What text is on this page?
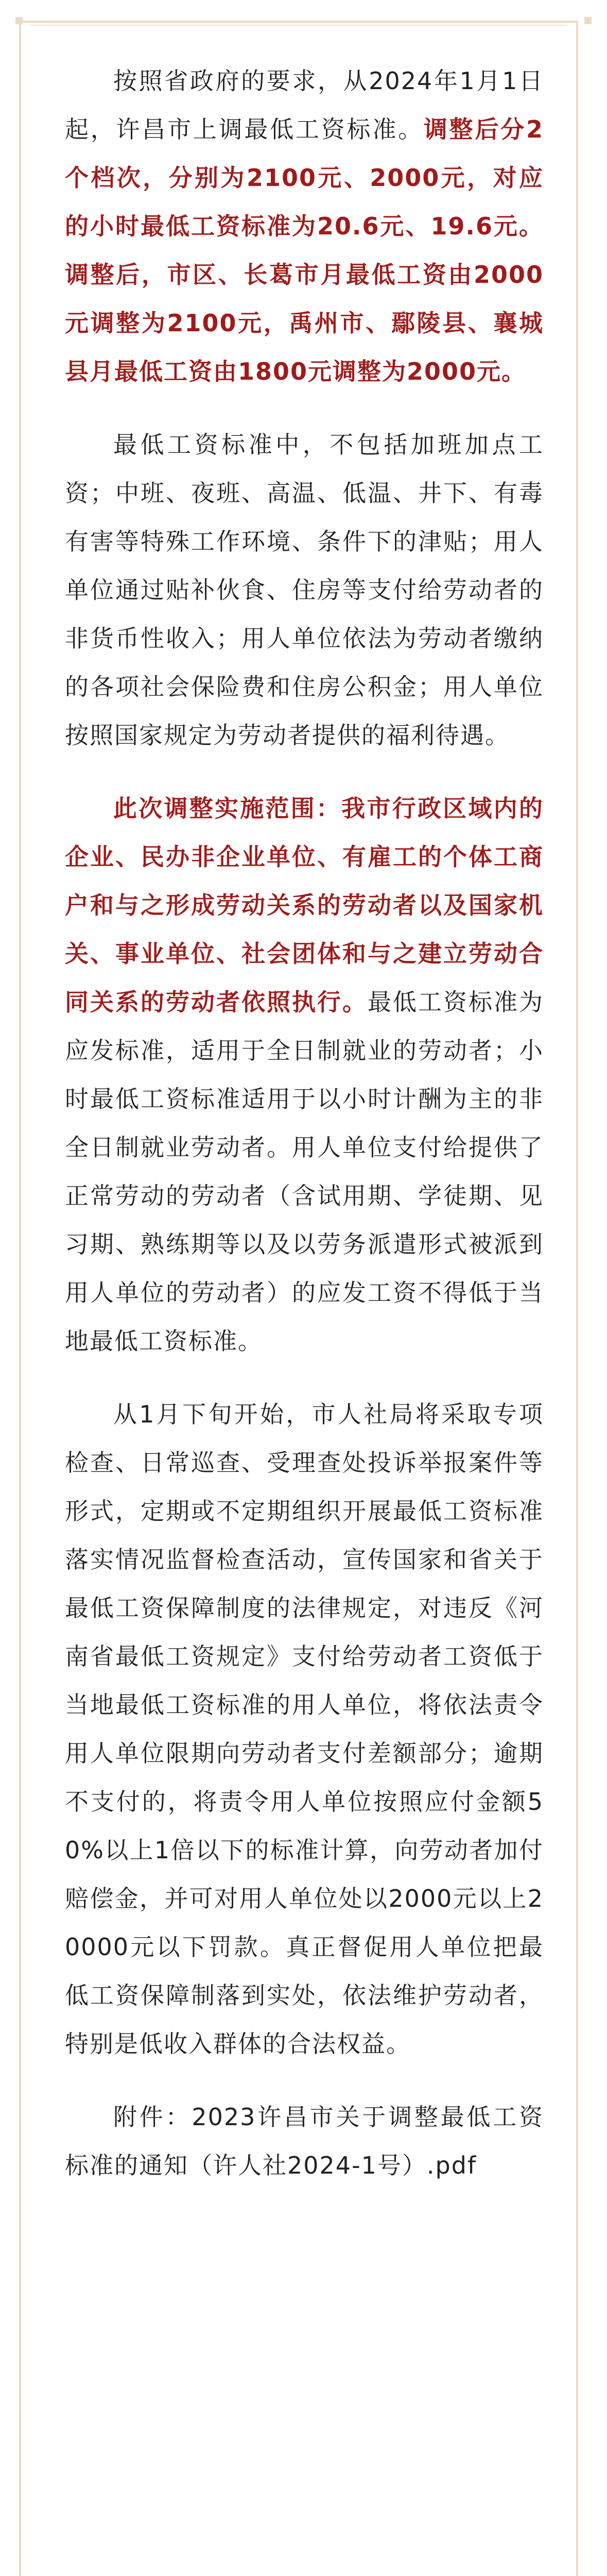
按照省政府的要求，从2024年1月1日起，许昌市上调最低工资标准。调整后分2个档次，分别为2100元、2000元，对应的小时最低工资标准为20.6元、19.6元。调整后，市区、长葛市月最低工资由2000元调整为2100元，禹州市、鄢陵县、襄城县月最低工资由1800元调整为2000元。

最低工资标准中，不包括加班加点工资；中班、夜班、高温、低温、井下、有毒有害等特殊工作环境、条件下的津贴；用人单位通过贴补伙食、住房等支付给劳动者的非货币性收入；用人单位依法为劳动者缴纳的各项社会保险费和住房公积金；用人单位按照国家规定为劳动者提供的福利待遇。

此次调整实施范围：我市行政区域内的企业、民办非企业单位、有雇工的个体工商户和与之形成劳动关系的劳动者以及国家机关、事业单位、社会团体和与之建立劳动合同关系的劳动者依照执行。最低工资标准为应发标准，适用于全日制就业的劳动者；小时最低工资标准适用于以小时计酬为主的非全日制就业劳动者。用人单位支付给提供了正常劳动的劳动者（含试用期、学徒期、见习期、熟练期等以及以劳务派遣形式被派到用人单位的劳动者）的应发工资不得低于当地最低工资标准。

从1月下旬开始，市人社局将采取专项检查、日常巡查、受理查处投诉举报案件等形式，定期或不定期组织开展最低工资标准落实情况监督检查活动，宣传国家和省关于最低工资保障制度的法律规定，对违反《河南省最低工资规定》支付给劳动者工资低于当地最低工资标准的用人单位，将依法责令用人单位限期向劳动者支付差额部分；逾期不支付的，将责令用人单位按照应付金额50%以上1倍以下的标准计算，向劳动者加付赔偿金，并可对用人单位处以2000元以上20000元以下罚款。真正督促用人单位把最低工资保障制落到实处，依法维护劳动者，特别是低收入群体的合法权益。

附件：2023许昌市关于调整最低工资标准的通知（许人社2024-1号）.pdf
